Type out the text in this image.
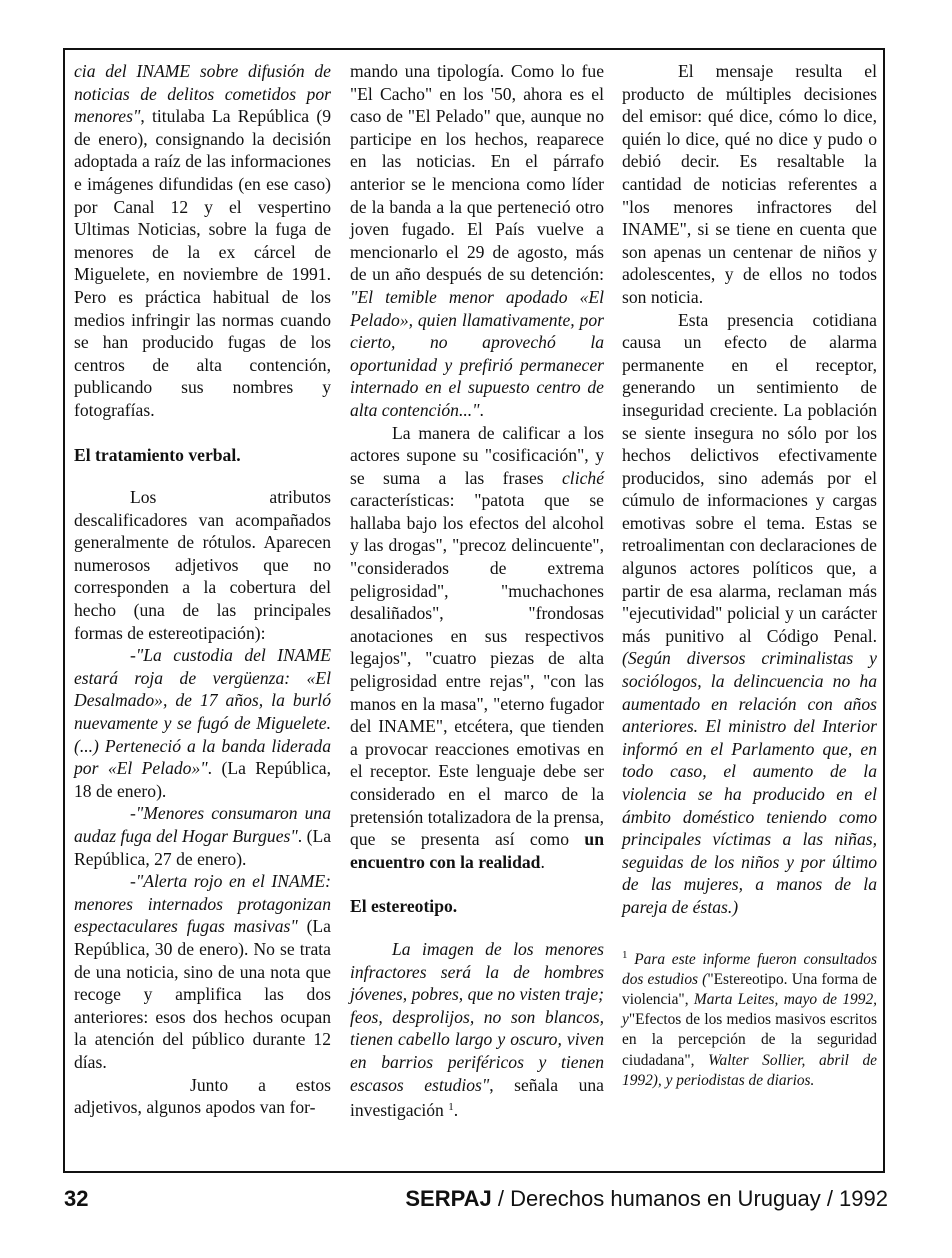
cia del INAME sobre difusión de noticias de delitos cometidos por menores", titulaba La República (9 de enero), consignando la decisión adoptada a raíz de las informaciones e imágenes difundidas (en ese caso) por Canal 12 y el vespertino Ultimas Noticias, sobre la fuga de menores de la ex cárcel de Miguelete, en noviembre de 1991. Pero es práctica habitual de los medios infringir las normas cuando se han producido fugas de los centros de alta contención, publicando sus nombres y fotografías.

El tratamiento verbal.

Los atributos descalificadores van acompañados generalmente de rótulos. Aparecen numerosos adjetivos que no corresponden a la cobertura del hecho (una de las principales formas de estereotipación):

-"La custodia del INAME estará roja de vergüenza: «El Desalmado», de 17 años, la burló nuevamente y se fugó de Miguelete. (...) Perteneció a la banda liderada por «El Pelado»". (La República, 18 de enero).

-"Menores consumaron una audaz fuga del Hogar Burgues". (La República, 27 de enero).

-"Alerta rojo en el INAME: menores internados protagonizan espectaculares fugas masivas" (La República, 30 de enero). No se trata de una noticia, sino de una nota que recoge y amplifica las dos anteriores: esos dos hechos ocupan la atención del público durante 12 días.

Junto a estos adjetivos, algunos apodos van for-

mando una tipología. Como lo fue "El Cacho" en los '50, ahora es el caso de "El Pelado" que, aunque no participe en los hechos, reaparece en las noticias. En el párrafo anterior se le menciona como líder de la banda a la que perteneció otro joven fugado. El País vuelve a mencionarlo el 29 de agosto, más de un año después de su detención: "El temible menor apodado «El Pelado», quien llamativamente, por cierto, no aprovechó la oportunidad y prefirió permanecer internado en el supuesto centro de alta contención...".

La manera de calificar a los actores supone su "cosificación", y se suma a las frases cliché características: "patota que se hallaba bajo los efectos del alcohol y las drogas", "precoz delincuente", "considerados de extrema peligrosidad", "muchachones desaliñados", "frondosas anotaciones en sus respectivos legajos", "cuatro piezas de alta peligrosidad entre rejas", "con las manos en la masa", "eterno fugador del INAME", etcétera, que tienden a provocar reacciones emotivas en el receptor. Este lenguaje debe ser considerado en el marco de la pretensión totalizadora de la prensa, que se presenta así como un encuentro con la realidad.

El estereotipo.

La imagen de los menores infractores será la de hombres jóvenes, pobres, que no visten traje; feos, desprolijos, no son blancos, tienen cabello largo y oscuro, viven en barrios periféricos y tienen escasos estudios", señala una investigación $^1$.

El mensaje resulta el producto de múltiples decisiones del emisor: qué dice, cómo lo dice, quién lo dice, qué no dice y pudo o debió decir. Es resaltable la cantidad de noticias referentes a "los menores infractores del INAME", si se tiene en cuenta que son apenas un centenar de niños y adolescentes, y de ellos no todos son noticia.

Esta presencia cotidiana causa un efecto de alarma permanente en el receptor, generando un sentimiento de inseguridad creciente. La población se siente insegura no sólo por los hechos delictivos efectivamente producidos, sino además por el cúmulo de informaciones y cargas emotivas sobre el tema. Estas se retroalimentan con declaraciones de algunos actores políticos que, a partir de esa alarma, reclaman más "ejecutividad" policial y un carácter más punitivo al Código Penal. (Según diversos criminalistas y sociólogos, la delincuencia no ha aumentado en relación con años anteriores. El ministro del Interior informó en el Parlamento que, en todo caso, el aumento de la violencia se ha producido en el ámbito doméstico teniendo como principales víctimas a las niñas, seguidas de los niños y por último de las mujeres, a manos de la pareja de éstas.)

$^1$ Para este informe fueron consultados dos estudios ("Estereotipo. Una forma de violencia", Marta Leites, mayo de 1992, y"Efectos de los medios masivos escritos en la percepción de la seguridad ciudadana", Walter Sollier, abril de 1992), y periodistas de diarios.

32	SERPAJ / Derechos humanos en Uruguay / 1992
